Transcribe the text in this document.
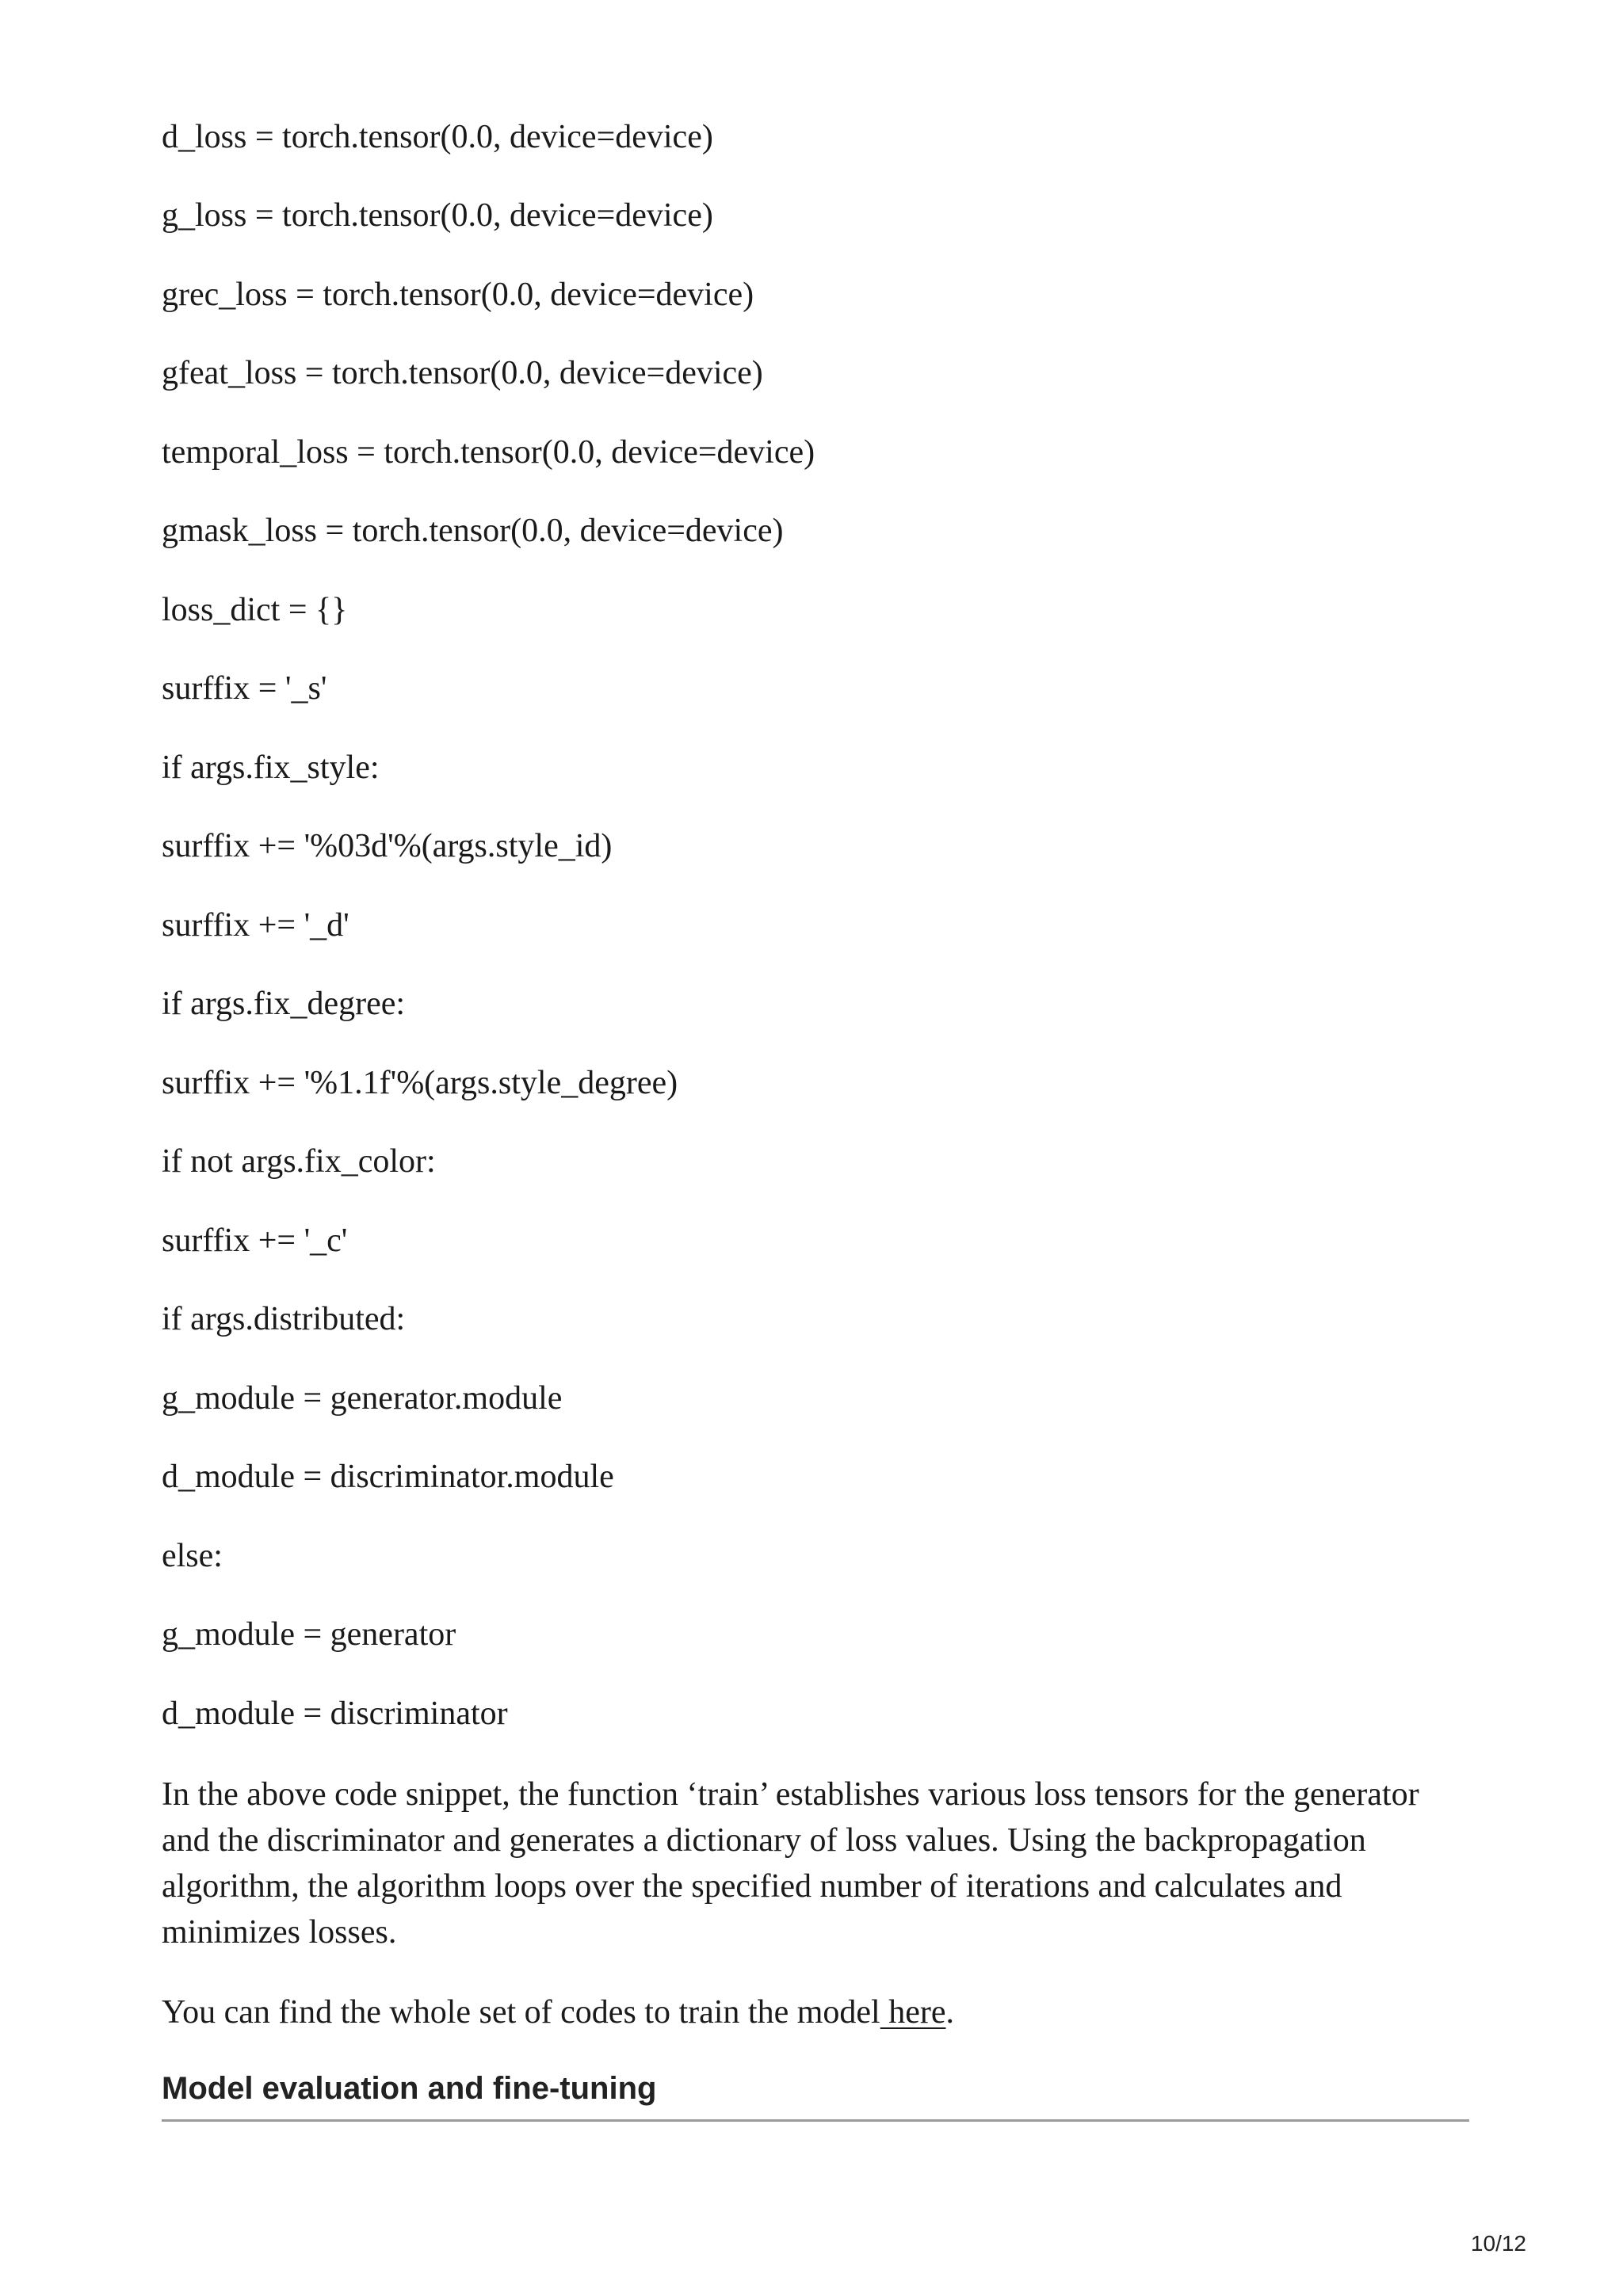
d_loss = torch.tensor(0.0, device=device)

g_loss = torch.tensor(0.0, device=device)

grec_loss = torch.tensor(0.0, device=device)

gfeat_loss = torch.tensor(0.0, device=device)

temporal_loss = torch.tensor(0.0, device=device)

gmask_loss = torch.tensor(0.0, device=device)

loss_dict = {}

surffix = '_s'

if args.fix_style:

surffix += '%03d'%(args.style_id)

surffix += '_d'

if args.fix_degree:

surffix += '%1.1f'%(args.style_degree)

if not args.fix_color:

surffix += '_c'

if args.distributed:

g_module = generator.module

d_module = discriminator.module

else:

g_module = generator

d_module = discriminator

In the above code snippet, the function ‘train’ establishes various loss tensors for the generator and the discriminator and generates a dictionary of loss values. Using the backpropagation algorithm, the algorithm loops over the specified number of iterations and calculates and minimizes losses.

You can find the whole set of codes to train the model here.

Model evaluation and fine-tuning
10/12
